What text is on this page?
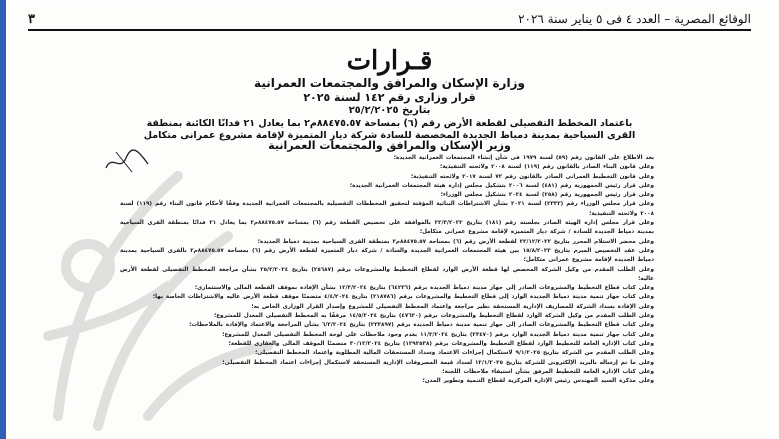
الوقائع المصرية – العدد ٤ فى ٥ يناير سنة ٢٠٢٦
٣
قـرارات
وزارة الإسكان والمرافق والمجتمعات العمرانية
قرار وزارى رقم ١٤٢ لسنة ٢٠٢٥
بتاريخ ٢٥/٢/٢٠٢٥
باعتماد المخطط التفصيلى لقطعة الأرض رقم (٦) بمساحة ٨٨٤٧٥.٥٧م٢ بما يعادل ٢١ فدانًا الكائنة بمنطقة القرى السياحية بمدينة دمياط الجديدة المخصصة للسادة شركة ديار المتميزة لإقامة مشروع عمرانى متكامل
وزير الإسكان والمرافق والمجتمعات العمرانية

بعد الاطلاع على القانون رقم (٥٩) لسنة ١٩٧٩ فى شأن إنشاء المجتمعات العمرانية الجديدة؛

وعلى قانون البناء الصادر بالقانون رقم (١١٩) لسنة ٢٠٠٨ ولائحته التنفيذية؛

وعلى قانون التخطيط العمرانى الصادر بالقانون رقم ٧٢ لسنة ٢٠١٧ ولائحته التنفيذية؛

وعلى قرار رئيس الجمهورية رقم (٤٨١) لسنة ٢٠٠٦ بتشكيل مجلس إدارة هيئة المجتمعات العمرانية الجديدة؛

وعلى قرار رئيس الجمهورية رقم (٢٥٨) لسنة ٢٠٢٤ بتشكيل مجلس الوزراء؛

وعلى قرار مجلس الوزراء رقم (٢٣٣٢) لسنة ٢٠٢١ بشأن الاشتراطات البنائية المؤقتة لتحقيق المخططات التفصيلية بالمجتمعات العمرانية الجديدة وفقًا لأحكام قانون البناء رقم (١١٩) لسنة ٢٠٠٨ ولائحته التنفيذية؛

وعلى قرار مجلس إدارة الهيئة الصادر بجلسته رقم (١٨١) بتاريخ ٢٢/٣/٢٠٢٢ بالموافقة على تخصيص القطعة رقم (٦) بمساحة ٨٨٤٧٥.٥٧م٢ بما يعادل ٢١ فدانًا بمنطقة القرى السياحية بمدينة دمياط الجديدة للسادة / شركة ديار المتميزة لإقامة مشروع عمرانى متكامل؛

وعلى محضر الاستلام المحرر بتاريخ ٢٢/١٢/٢٠٢٢ لقطعة الأرض رقم (٦) بمساحة ٨٨٤٧٥.٥٧م٢ بمنطقة القرى السياحية بمدينة دمياط الجديدة؛

وعلى عقد التخصيص المبرم بتاريخ ١٥/٨/٢٠٢٣ بين هيئة المجتمعات العمرانية الجديدة والسادة / شركة ديار المتميزة لقطعة الأرض رقم (٦) بمساحة ٨٨٤٧٥.٥٧م٢ بالقرى السياحية بمدينة دمياط الجديدة لإقامة مشروع عمرانى متكامل؛

وعلى الطلب المقدم من وكيل الشركة المخصص لها قطعة الأرض الوارد لقطاع التخطيط والمشروعات برقم (٢٥٦٨٧) بتاريخ ٢٥/٢/٢٠٢٤ بشأن مراجعة المخطط التفصيلى لقطعة الأرض عاليه؛

وعلى كتاب قطاع التخطيط والمشروعات الصادر إلى جهاز مدينة دمياط الجديدة برقم (٦٤٢٣٦) بتاريخ ١٢/٣/٢٠٢٤ بشأن الإفادة بموقف القطعة المالى والاستثمارى؛

وعلى كتاب جهاز تنمية مدينة دمياط الجديدة الوارد إلى قطاع التخطيط والمشروعات برقم (٢١٨٧٨٦) بتاريخ ٤/٤/٢٠٢٤ متضمنًا موقف قطعة الأرض عاليه والاشتراطات الخاصة بها؛

وعلى الإفادة بسداد الشركة للمصاريف الإدارية المستحقة نظير مراجعة واعتماد المخطط التفصيلى للمشروع وإصدار القرار الوزارى الخاص به؛

وعلى الطلب المقدم من وكيل الشركة الوارد لقطاع التخطيط والمشروعات برقم (٤٧٦٢٠) بتاريخ ١٤/٥/٢٠٢٤ مرفقًا به المخطط التفصيلى المعدل للمشروع؛

وعلى كتاب قطاع التخطيط والمشروعات الصادر إلى جهاز تنمية مدينة دمياط الجديدة برقم (٢٣٣٨٩٧) بتاريخ ٦/٢/٢٠٢٤ بشأن المراجعة والاعتماد والإفادة بالملاحظات؛

وعلى كتاب جهاز تنمية مدينة دمياط الجديدة الوارد برقم (٢٣٤٧٠) بتاريخ ١١/٢/٢٠٢٤ بعدم وجود ملاحظات على لوحة المخطط التفصيلى المعدل للمشروع؛

وعلى كتاب الإدارة العامة للتخطيط الوارد لقطاع التخطيط والمشروعات برقم (١٢٩٢٥٣٨) بتاريخ ٣٠/١٢/٢٠٢٤ متضمنًا الموقف المالى والعقارى للقطعة؛

وعلى الطلب المقدم من الشركة بتاريخ ٩/١/٢٠٢٥ لاستكمال إجراءات الاعتماد وسداد المستحقات المالية المطلوبة واعتماد المخطط التفصيلى؛

وعلى ما تم إرساله بالبريد الإلكترونى للشركة بتاريخ ١٢/١/٢٠٢٥ لسداد قيمة المصروفات الإدارية المستحقة لاستكمال إجراءات اعتماد المخطط التفصيلى؛

وعلى كتاب الإدارة العامة للتخطيط المرفق بشأن استيفاء ملاحظات اللجنة؛

وعلى مذكرة السيد المهندس رئيس الإدارة المركزية لقطاع التنمية وتطوير المدن؛
